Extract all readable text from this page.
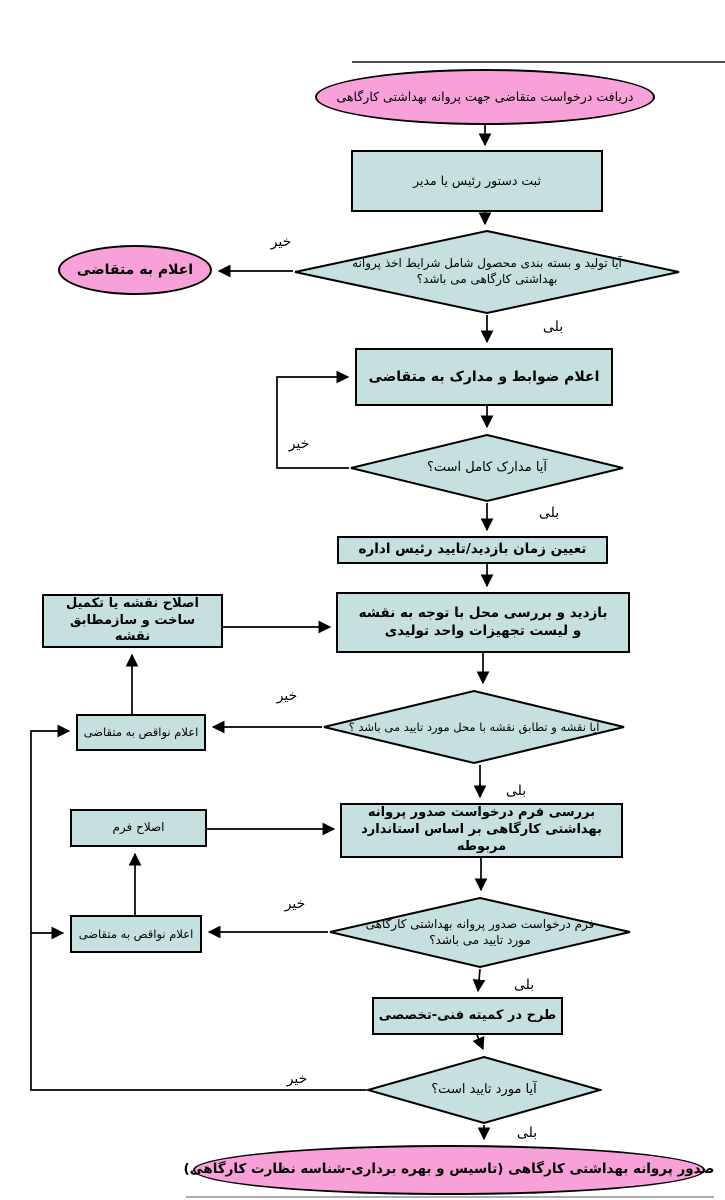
دریافت درخواست متقاضی جهت پروانه بهداشتی کارگاهی
ثبت دستور رئیس یا مدیر
آیا تولید و بسته بندی محصول شامل شرایط اخذ پروانه بهداشتی کارگاهی می باشد؟
اعلام به متقاضی
اعلام ضوابط و مدارک به متقاضی
آیا مدارک کامل است؟
تعیین زمان بازدید/تایید رئیس اداره
بازدید و بررسی محل با توجه به نقشه و لیست تجهیزات واحد تولیدی
اصلاح نقشه یا تکمیل ساخت و سازمطابق نقشه
آیا نقشه و تطابق نقشه با محل مورد تایید می باشد ؟
اعلام نواقص به متقاضی
بررسی فرم درخواست صدور پروانه بهداشتی کارگاهی بر اساس استاندارد مربوطه
اصلاح فرم
فرم درخواست صدور پروانه بهداشتی کارگاهی مورد تایید می باشد؟
اعلام نواقص به متقاضی
طرح در کمیته فنی-تخصصی
آیا مورد تایید است؟
صدور پروانه بهداشتی کارگاهی (تاسیس و بهره برداری-شناسه نظارت کارگاهی)
خیر
بلی
خیر
بلی
خیر
بلی
خیر
بلی
خیر
بلی
